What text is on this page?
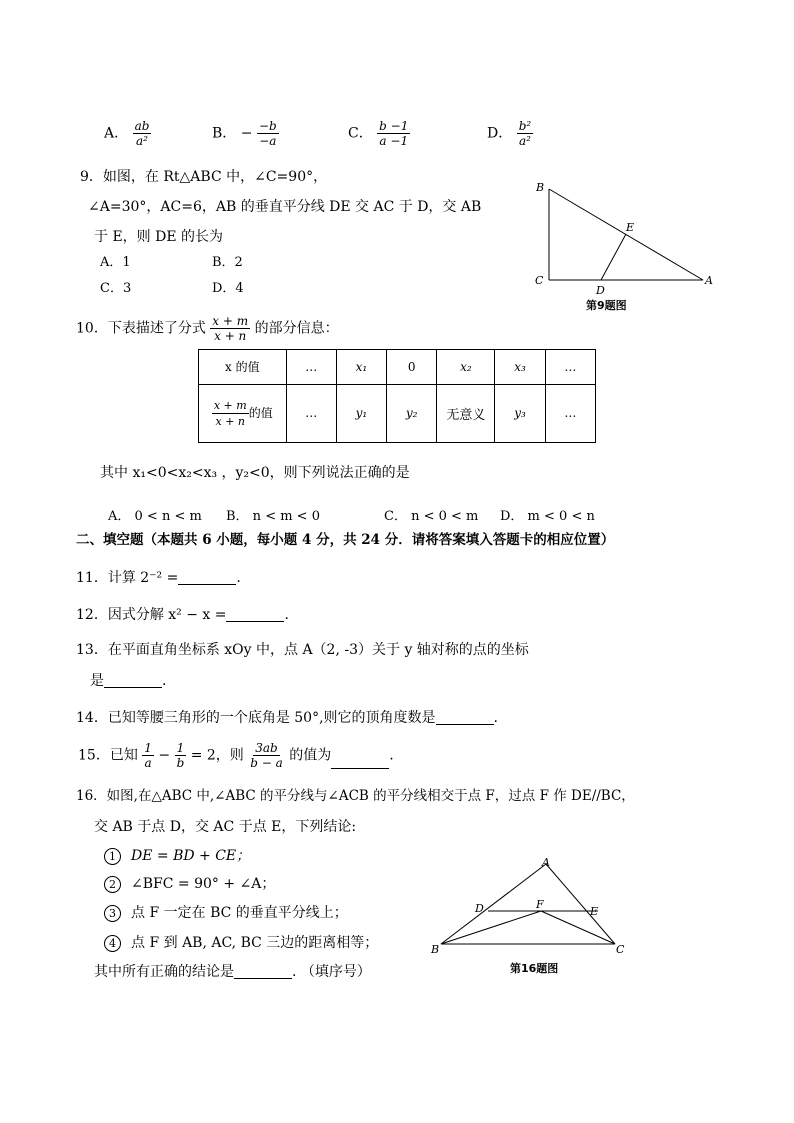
A． $\frac{ab}{\text{a²}}$	B． − $\frac{-b}{-a}$	C． $\frac{b -1}{a -1}$	D． $\frac{\text{b²}}{\text{a²}}$
9．如图，在 Rt△ABC 中，∠C=90°，
∠A=30°，AC=6，AB 的垂直平分线 DE 交 AC 于 D，交 AB
于 E，则 DE 的长为
A．1	B．2
C．3	D．4
B
E
C
D
A
第9题图
10．下表描述了分式 $\frac{x + m}{x + n}$ 的部分信息：
x 的值	…	x₁	0	x₂	x₃	…

$\frac{x + m}{x + n}$ 的值	…	y₁	y₂	无意义	y₃	…
其中 x₁<0<x₂<x₃ ，y₂<0，则下列说法正确的是
A． 0 < n < m B． n < m < 0	C． n < 0 < m D． m < 0 < n
二、填空题（本题共 6 小题，每小题 4 分，共 24 分．请将答案填入答题卡的相应位置）
11．计算 2⁻² =	.
12．因式分解 x² − x =	.
13．在平面直角坐标系 xOy 中，点 A（2, -3）关于 y 轴对称的点的坐标
是	.
14．已知等腰三角形的一个底角是 50°,则它的顶角度数是	.
15．已知 $\frac{1}{a} - \frac{1}{b} = 2$，则 $\frac{3ab}{b - a}$ 的值为	.
16．如图,在△ABC 中,∠ABC 的平分线与∠ACB 的平分线相交于点 F，过点 F 作 DE//BC，
交 AB 于点 D，交 AC 于点 E，下列结论:
1 DE = BD + CE；
2 ∠BFC = 90° + ∠A；
3 点 F 一定在 BC 的垂直平分线上；
4 点 F 到 AB, AC, BC 三边的距离相等；
其中所有正确的结论是	. （填序号）
A
D	F
E
B	C
第16题图
